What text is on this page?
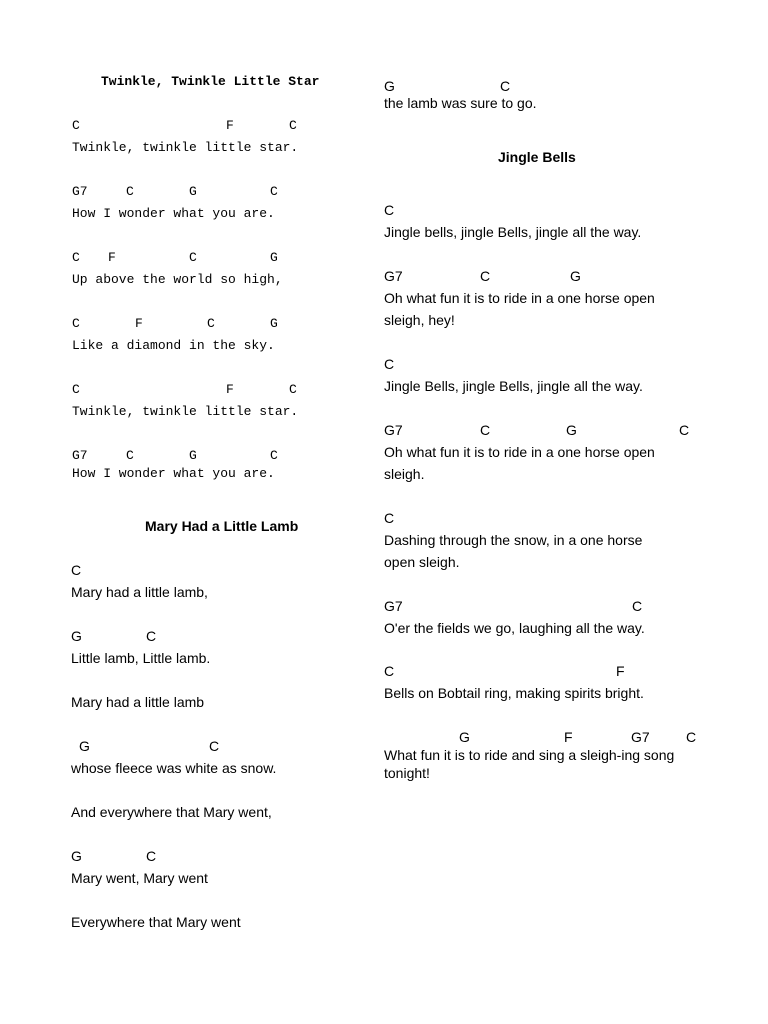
Twinkle, Twinkle Little Star
C	F	C
Twinkle, twinkle little star.
G7	C	G	C
How I wonder what you are.
C F	C	G
Up above the world so high,
C	F	C	G
Like a diamond in the sky.
C	F	C
Twinkle, twinkle little star.
G7	C	G	C
How I wonder what you are.
Mary Had a Little Lamb
C
Mary had a little lamb,
G	C
Little lamb, Little lamb.
Mary had a little lamb
G	C
whose fleece was white as snow.
And everywhere that Mary went,
G	C
Mary went, Mary went
Everywhere that Mary went
G	C
the lamb was sure to go.
Jingle Bells
C
Jingle bells, jingle Bells, jingle all the way.
G7	C	G
Oh what fun it is to ride in a one horse open
sleigh, hey!
C
Jingle Bells, jingle Bells, jingle all the way.
G7	C	G	C
Oh what fun it is to ride in a one horse open
sleigh.
C
Dashing through the snow, in a one horse
open sleigh.
G7	C
O'er the fields we go, laughing all the way.
C	F
Bells on Bobtail ring, making spirits bright.
G	F	G7	C
What fun it is to ride and sing a sleigh-ing song
tonight!
